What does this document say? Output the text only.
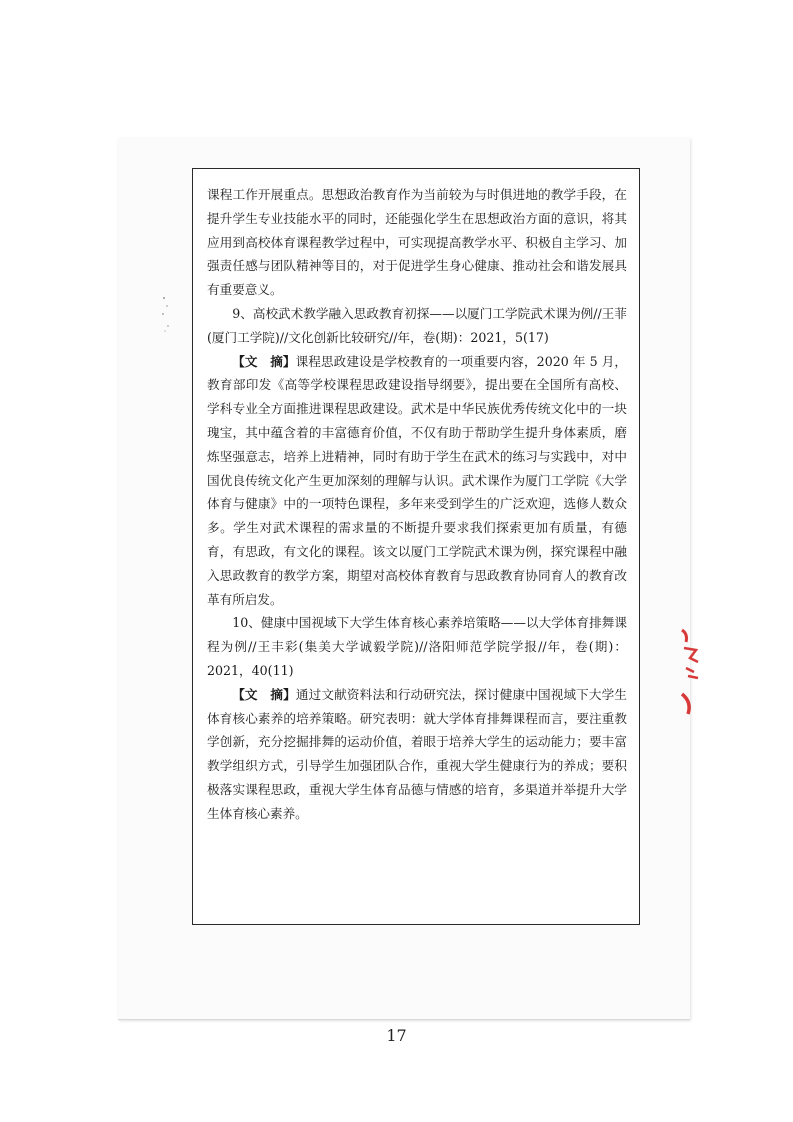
课程工作开展重点。思想政治教育作为当前较为与时俱进地的教学手段，在提升学生专业技能水平的同时，还能强化学生在思想政治方面的意识，将其应用到高校体育课程教学过程中，可实现提高教学水平、积极自主学习、加强责任感与团队精神等目的，对于促进学生身心健康、推动社会和谐发展具有重要意义。

9、高校武术教学融入思政教育初探——以厦门工学院武术课为例//王菲(厦门工学院)//文化创新比较研究//年，卷(期)：2021，5(17)

【文　摘】课程思政建设是学校教育的一项重要内容，2020 年 5 月，教育部印发《高等学校课程思政建设指导纲要》，提出要在全国所有高校、学科专业全方面推进课程思政建设。武术是中华民族优秀传统文化中的一块瑰宝，其中蕴含着的丰富德育价值，不仅有助于帮助学生提升身体素质，磨炼坚强意志，培养上进精神，同时有助于学生在武术的练习与实践中，对中国优良传统文化产生更加深刻的理解与认识。武术课作为厦门工学院《大学体育与健康》中的一项特色课程，多年来受到学生的广泛欢迎，选修人数众多。学生对武术课程的需求量的不断提升要求我们探索更加有质量，有德育，有思政，有文化的课程。该文以厦门工学院武术课为例，探究课程中融入思政教育的教学方案，期望对高校体育教育与思政教育协同育人的教育改革有所启发。

10、健康中国视域下大学生体育核心素养培策略——以大学体育排舞课程为例//王丰彩(集美大学诚毅学院)//洛阳师范学院学报//年，卷(期)：2021，40(11)

【文　摘】通过文献资料法和行动研究法，探讨健康中国视域下大学生体育核心素养的培养策略。研究表明：就大学体育排舞课程而言，要注重教学创新，充分挖掘排舞的运动价值，着眼于培养大学生的运动能力；要丰富教学组织方式，引导学生加强团队合作，重视大学生健康行为的养成；要积极落实课程思政，重视大学生体育品德与情感的培育，多渠道并举提升大学生体育核心素养。

17
